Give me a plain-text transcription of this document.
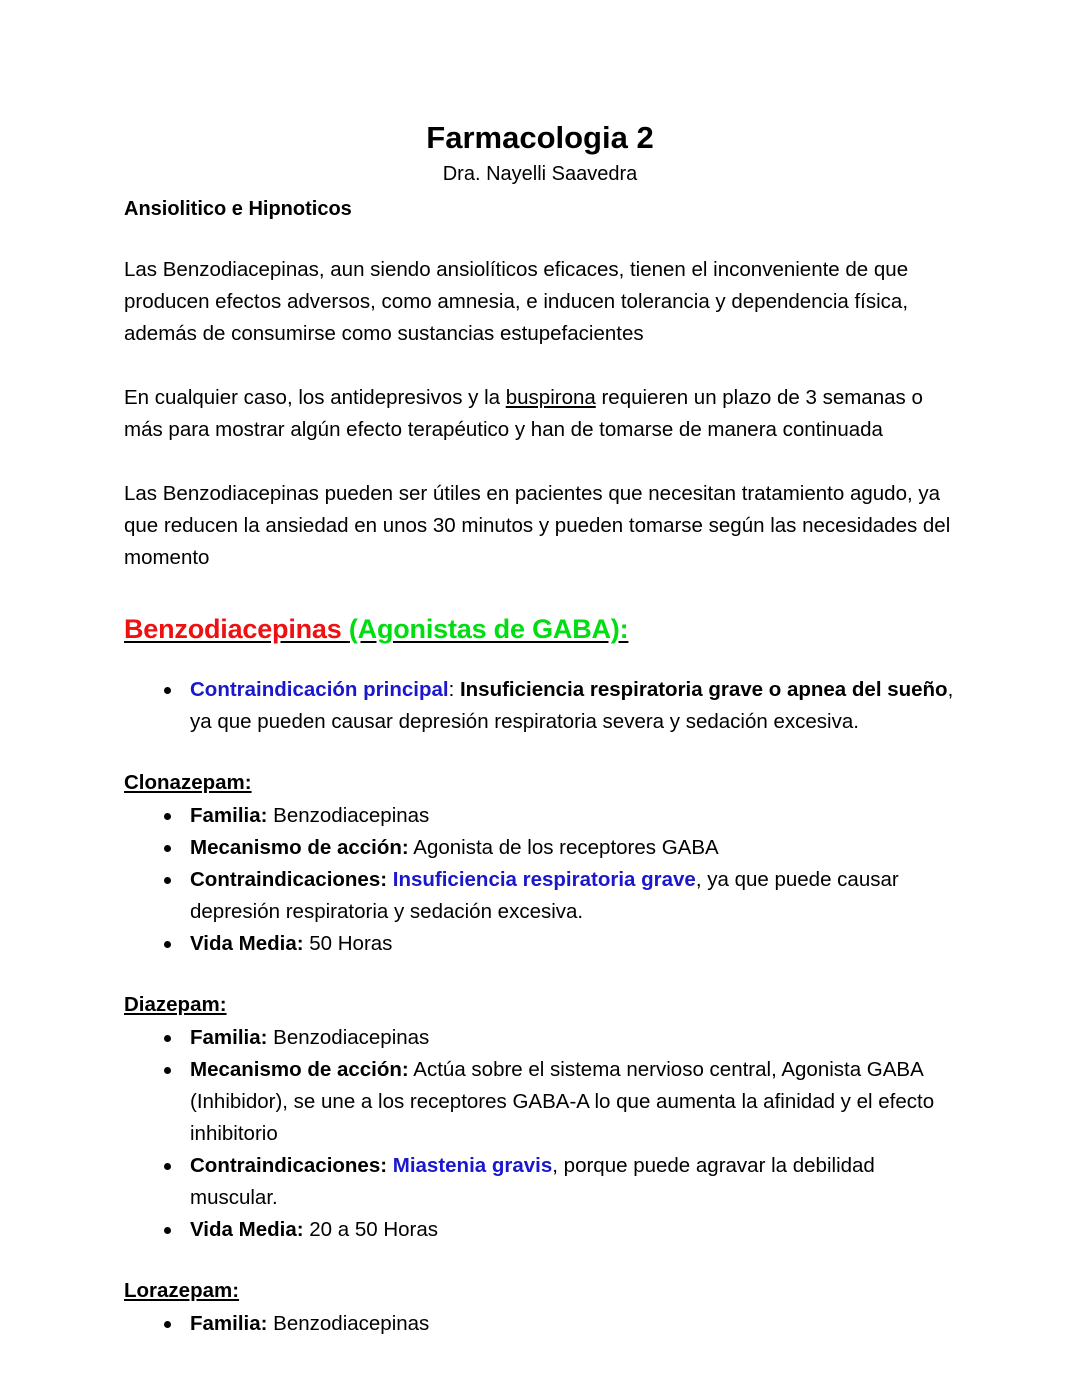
Farmacologia 2
Dra. Nayelli Saavedra
Ansiolitico e Hipnoticos

Las Benzodiacepinas, aun siendo ansiolíticos eficaces, tienen el inconveniente de que producen efectos adversos, como amnesia, e inducen tolerancia y dependencia física, además de consumirse como sustancias estupefacientes

En cualquier caso, los antidepresivos y la buspirona requieren un plazo de 3 semanas o más para mostrar algún efecto terapéutico y han de tomarse de manera continuada

Las Benzodiacepinas pueden ser útiles en pacientes que necesitan tratamiento agudo, ya que reducen la ansiedad en unos 30 minutos y pueden tomarse según las necesidades del momento

Benzodiacepinas (Agonistas de GABA):
Contraindicación principal: Insuficiencia respiratoria grave o apnea del sueño, ya que pueden causar depresión respiratoria severa y sedación excesiva.
Clonazepam:
Familia: Benzodiacepinas
Mecanismo de acción: Agonista de los receptores GABA
Contraindicaciones: Insuficiencia respiratoria grave, ya que puede causar depresión respiratoria y sedación excesiva.
Vida Media: 50 Horas
Diazepam:
Familia: Benzodiacepinas
Mecanismo de acción: Actúa sobre el sistema nervioso central, Agonista GABA (Inhibidor), se une a los receptores GABA-A lo que aumenta la afinidad y el efecto inhibitorio
Contraindicaciones: Miastenia gravis, porque puede agravar la debilidad muscular.
Vida Media: 20 a 50 Horas
Lorazepam:
Familia: Benzodiacepinas
